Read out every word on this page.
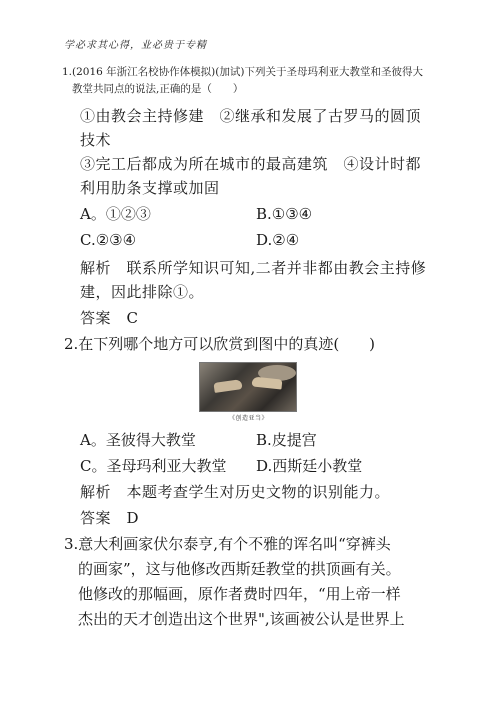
学必求其心得，业必贵于专精
1.(2016 年浙江名校协作体模拟)(加试)下列关于圣母玛利亚大教堂和圣彼得大
教堂共同点的说法,正确的是（　　）
①由教会主持修建　②继承和发展了古罗马的圆顶
技术
③完工后都成为所在城市的最高建筑　④设计时都
利用肋条支撑或加固
A。①②③	B.①③④
C.②③④	D.②④
解析　联系所学知识可知,二者并非都由教会主持修
建，因此排除①。
答案　C
2.在下列哪个地方可以欣赏到图中的真迹(　　)
《创造亚当》
A。圣彼得大教堂	B.皮提宫
C。圣母玛利亚大教堂 D.西斯廷小教堂
解析　本题考查学生对历史文物的识别能力。
答案　D
3.意大利画家伏尔泰亨,有个不雅的诨名叫“穿裤头
的画家”，这与他修改西斯廷教堂的拱顶画有关。
他修改的那幅画，原作者费时四年，“用上帝一样
杰出的天才创造出这个世界",该画被公认是世界上
